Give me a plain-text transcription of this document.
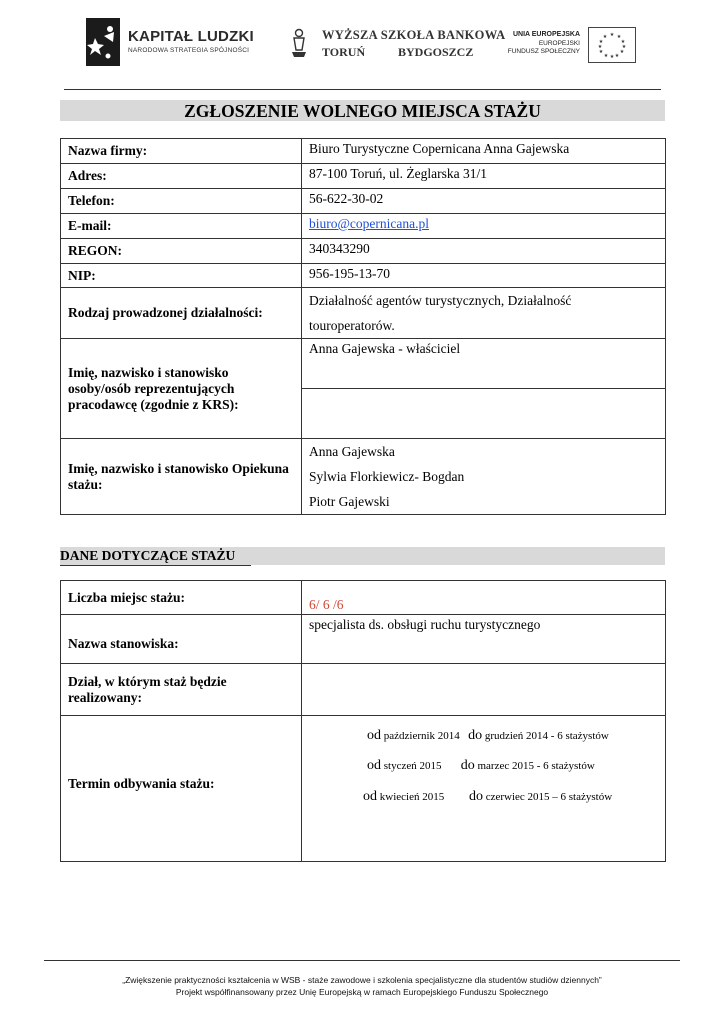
KAPITAŁ LUDZKI
NARODOWA STRATEGIA SPÓJNOŚCI
WYŻSZA SZKOŁA BANKOWA
TORUŃ	BYDGOSZCZ
UNIA EUROPEJSKA
EUROPEJSKI
FUNDUSZ SPOŁECZNY
★ ★
★
★
★
★
★
★
★
★
★
★
ZGŁOSZENIE WOLNEGO MIEJSCA STAŻU
Nazwa firmy:	Biuro Turystyczne Copernicana Anna Gajewska
Adres:	87-100 Toruń, ul. Żeglarska 31/1
Telefon:	56-622-30-02
E-mail:	biuro@copernicana.pl
REGON:	340343290
NIP:	956-195-13-70
Rodzaj prowadzonej działalności:	Działalność agentów turystycznych, Działalność
touroperatorów.

Imię, nazwisko i stanowisko osoby/osób reprezentujących pracodawcę (zgodnie z KRS):	Anna Gajewska - właściciel

Imię, nazwisko i stanowisko Opiekuna stażu:	Anna Gajewska
Sylwia Florkiewicz- Bogdan
Piotr Gajewski
DANE DOTYCZĄCE STAŻU
Liczba miejsc stażu:	6/ 6 /6
Nazwa stanowiska:	specjalista ds. obsługi ruchu turystycznego
Dział, w którym staż będzie realizowany:	
Termin odbywania stażu:	od październik 2014 do grudzień 2014 - 6 stażystów
od styczeń 2015 do marzec 2015 - 6 stażystów
od kwiecień 2015 do czerwiec 2015 – 6 stażystów
„Zwiększenie praktyczności kształcenia w WSB - staże zawodowe i szkolenia specjalistyczne dla studentów studiów dziennych”
Projekt współfinansowany przez Unię Europejską w ramach Europejskiego Funduszu Społecznego
